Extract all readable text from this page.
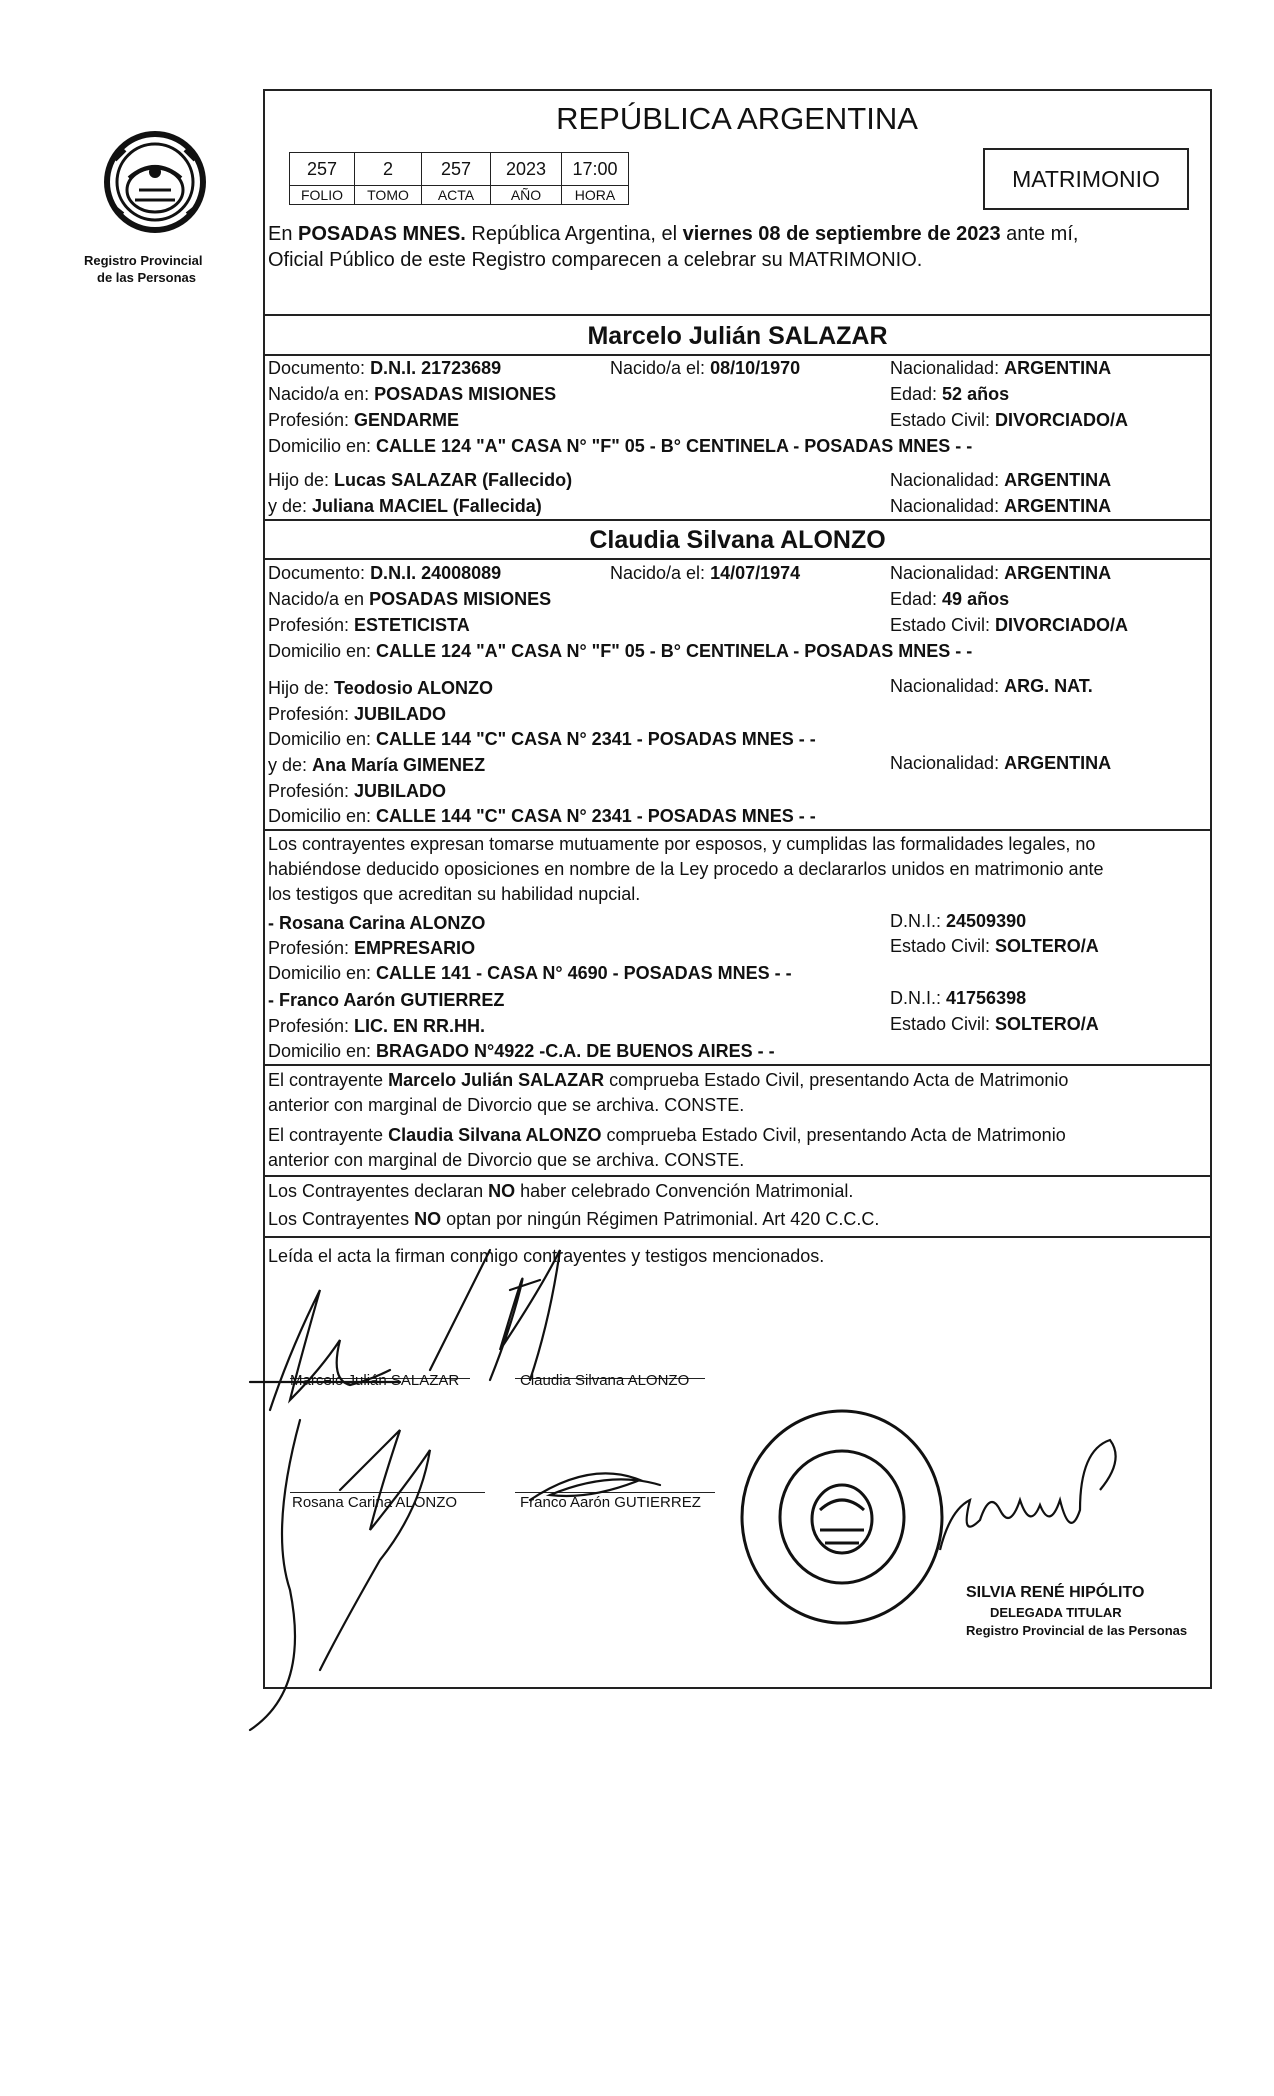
Registro Provincial
de las Personas
REPÚBLICA ARGENTINA
257	2	257	2023	17:00
FOLIO	TOMO	ACTA	AÑO	HORA
MATRIMONIO
En POSADAS MNES. República Argentina, el viernes 08 de septiembre de 2023 ante mí,
Oficial Público de este Registro comparecen a celebrar su MATRIMONIO.
Marcelo Julián SALAZAR
Documento: D.N.I. 21723689	Nacido/a el: 08/10/1970	Nacionalidad: ARGENTINA
Nacido/a en: POSADAS MISIONES	Edad: 52 años
Profesión: GENDARME	Estado Civil: DIVORCIADO/A
Domicilio en: CALLE 124 "A" CASA N° "F" 05 - B° CENTINELA - POSADAS MNES - -
Hijo de: Lucas SALAZAR (Fallecido)	Nacionalidad: ARGENTINA
y de: Juliana MACIEL (Fallecida)	Nacionalidad: ARGENTINA
Claudia Silvana ALONZO
Documento: D.N.I. 24008089	Nacido/a el: 14/07/1974	Nacionalidad: ARGENTINA
Nacido/a en POSADAS MISIONES	Edad: 49 años
Profesión: ESTETICISTA	Estado Civil: DIVORCIADO/A
Domicilio en: CALLE 124 "A" CASA N° "F" 05 - B° CENTINELA - POSADAS MNES - -
Hijo de: Teodosio ALONZO	Nacionalidad: ARG. NAT.
Profesión: JUBILADO
Domicilio en: CALLE 144 "C" CASA N° 2341 - POSADAS MNES - -
y de: Ana María GIMENEZ	Nacionalidad: ARGENTINA
Profesión: JUBILADO
Domicilio en: CALLE 144 "C" CASA N° 2341 - POSADAS MNES - -
Los contrayentes expresan tomarse mutuamente por esposos, y cumplidas las formalidades legales, no
habiéndose deducido oposiciones en nombre de la Ley procedo a declararlos unidos en matrimonio ante
los testigos que acreditan su habilidad nupcial.
- Rosana Carina ALONZO	D.N.I.: 24509390
Profesión: EMPRESARIO	Estado Civil: SOLTERO/A
Domicilio en: CALLE 141 - CASA N° 4690 - POSADAS MNES - -
- Franco Aarón GUTIERREZ	D.N.I.: 41756398
Profesión: LIC. EN RR.HH.	Estado Civil: SOLTERO/A
Domicilio en: BRAGADO N°4922 -C.A. DE BUENOS AIRES - -
El contrayente Marcelo Julián SALAZAR comprueba Estado Civil, presentando Acta de Matrimonio
anterior con marginal de Divorcio que se archiva. CONSTE.
El contrayente Claudia Silvana ALONZO comprueba Estado Civil, presentando Acta de Matrimonio
anterior con marginal de Divorcio que se archiva. CONSTE.
Los Contrayentes declaran NO haber celebrado Convención Matrimonial.
Los Contrayentes NO optan por ningún Régimen Patrimonial. Art 420 C.C.C.
Leída el acta la firman conmigo contrayentes y testigos mencionados.
Marcelo Julián SALAZAR	Claudia Silvana ALONZO
Rosana Carina ALONZO	Franco Aarón GUTIERREZ
SILVIA RENÉ HIPÓLITO
DELEGADA TITULAR
Registro Provincial de las Personas
